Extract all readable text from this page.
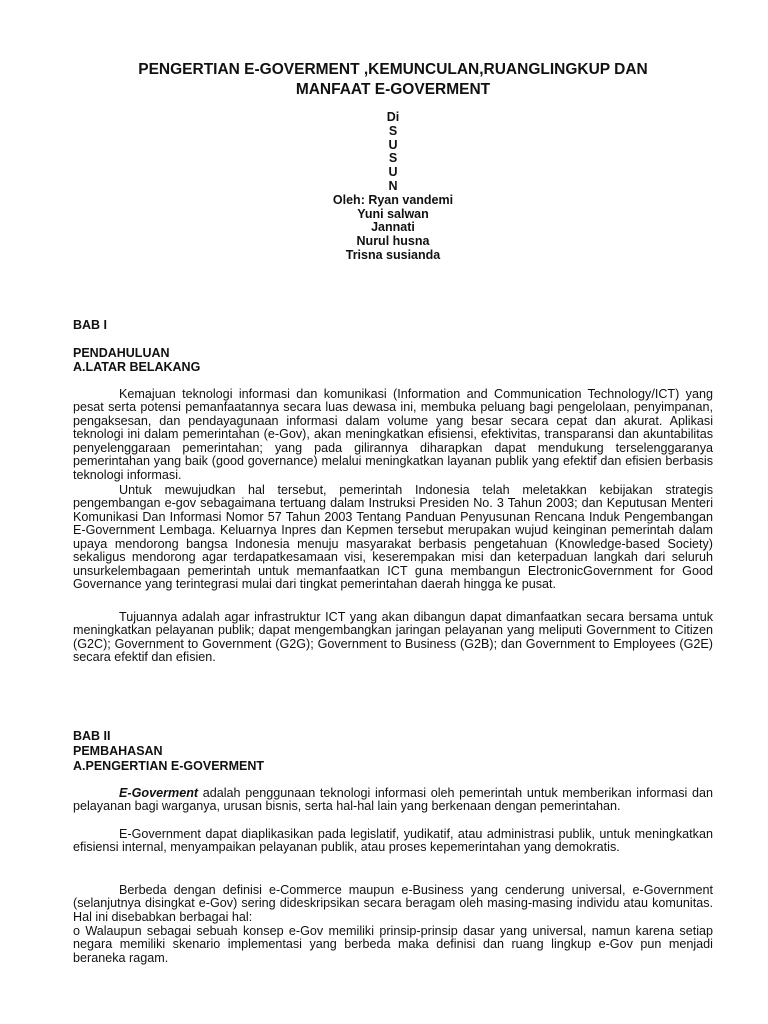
PENGERTIAN E-GOVERMENT ,KEMUNCULAN,RUANGLINGKUP DAN
MANFAAT E-GOVERMENT
Di
S
U
S
U
N
Oleh: Ryan vandemi
Yuni salwan
Jannati
Nurul husna
Trisna susianda
BAB I
PENDAHULUAN
A.LATAR BELAKANG
Kemajuan teknologi informasi dan komunikasi (Information and Communication Technology/ICT) yang pesat serta potensi pemanfaatannya secara luas dewasa ini, membuka peluang bagi pengelolaan, penyimpanan, pengaksesan, dan pendayagunaan informasi dalam volume yang besar secara cepat dan akurat. Aplikasi teknologi ini dalam pemerintahan (e-Gov), akan meningkatkan efisiensi, efektivitas, transparansi dan akuntabilitas penyelenggaraan pemerintahan; yang pada gilirannya diharapkan dapat mendukung terselenggaranya pemerintahan yang baik (good governance) melalui meningkatkan layanan publik yang efektif dan efisien berbasis teknologi informasi.
Untuk mewujudkan hal tersebut, pemerintah Indonesia telah meletakkan kebijakan strategis pengembangan e-gov sebagaimana tertuang dalam Instruksi Presiden No. 3 Tahun 2003; dan Keputusan Menteri Komunikasi Dan Informasi Nomor 57 Tahun 2003 Tentang Panduan Penyusunan Rencana Induk Pengembangan E-Government Lembaga. Keluarnya Inpres dan Kepmen tersebut merupakan wujud keinginan pemerintah dalam upaya mendorong bangsa Indonesia menuju masyarakat berbasis pengetahuan (Knowledge-based Society) sekaligus mendorong agar terdapatkesamaan visi, keserempakan misi dan keterpaduan langkah dari seluruh unsurkelembagaan pemerintah untuk memanfaatkan ICT guna membangun ElectronicGovernment for Good Governance yang terintegrasi mulai dari tingkat pemerintahan daerah hingga ke pusat.
Tujuannya adalah agar infrastruktur ICT yang akan dibangun dapat dimanfaatkan secara bersama untuk meningkatkan pelayanan publik; dapat mengembangkan jaringan pelayanan yang meliputi Government to Citizen (G2C); Government to Government (G2G); Government to Business (G2B); dan Government to Employees (G2E) secara efektif dan efisien.
BAB II
PEMBAHASAN
A.PENGERTIAN E-GOVERMENT
E-Goverment adalah penggunaan teknologi informasi oleh pemerintah untuk memberikan informasi dan pelayanan bagi warganya, urusan bisnis, serta hal-hal lain yang berkenaan dengan pemerintahan.
E-Government dapat diaplikasikan pada legislatif, yudikatif, atau administrasi publik, untuk meningkatkan efisiensi internal, menyampaikan pelayanan publik, atau proses kepemerintahan yang demokratis.
Berbeda dengan definisi e-Commerce maupun e-Business yang cenderung universal, e-Government (selanjutnya disingkat e-Gov) sering dideskripsikan secara beragam oleh masing-masing individu atau komunitas. Hal ini disebabkan berbagai hal:
o Walaupun sebagai sebuah konsep e-Gov memiliki prinsip-prinsip dasar yang universal, namun karena setiap negara memiliki skenario implementasi yang berbeda maka definisi dan ruang lingkup e-Gov pun menjadi beraneka ragam.
